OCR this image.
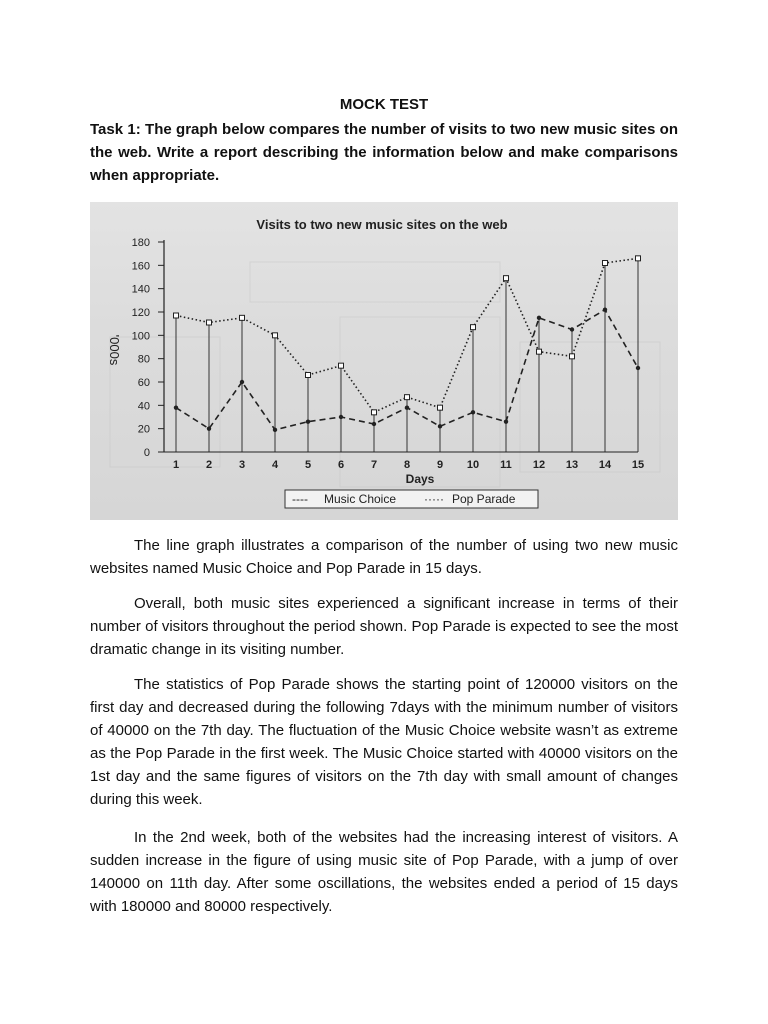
MOCK TEST
Task 1: The graph below compares the number of visits to two new music sites on the web. Write a report describing the information below and make comparisons when appropriate.
Visits to two new music sites on the web
0
20
40
60
80
100
120
140
160
180
1 2 3 4 5 6 7 8 9 10 11 12 13 14 15
'000s
Days
---- Music Choice ····· Pop Parade

The line graph illustrates a comparison of the number of using two new music websites named Music Choice and Pop Parade in 15 days.

Overall, both music sites experienced a significant increase in terms of their number of visitors throughout the period shown. Pop Parade is expected to see the most dramatic change in its visiting number.

The statistics of Pop Parade shows the starting point of 120000 visitors on the first day and decreased during the following 7days with the minimum number of visitors of 40000 on the 7th day. The fluctuation of the Music Choice website wasn’t as extreme as the Pop Parade in the first week. The Music Choice started with 40000 visitors on the 1st day and the same figures of visitors on the 7th day with small amount of changes during this week.

In the 2nd week, both of the websites had the increasing interest of visitors. A sudden increase in the figure of using music site of Pop Parade, with a jump of over 140000 on 11th day. After some oscillations, the websites ended a period of 15 days with 180000 and 80000 respectively.
